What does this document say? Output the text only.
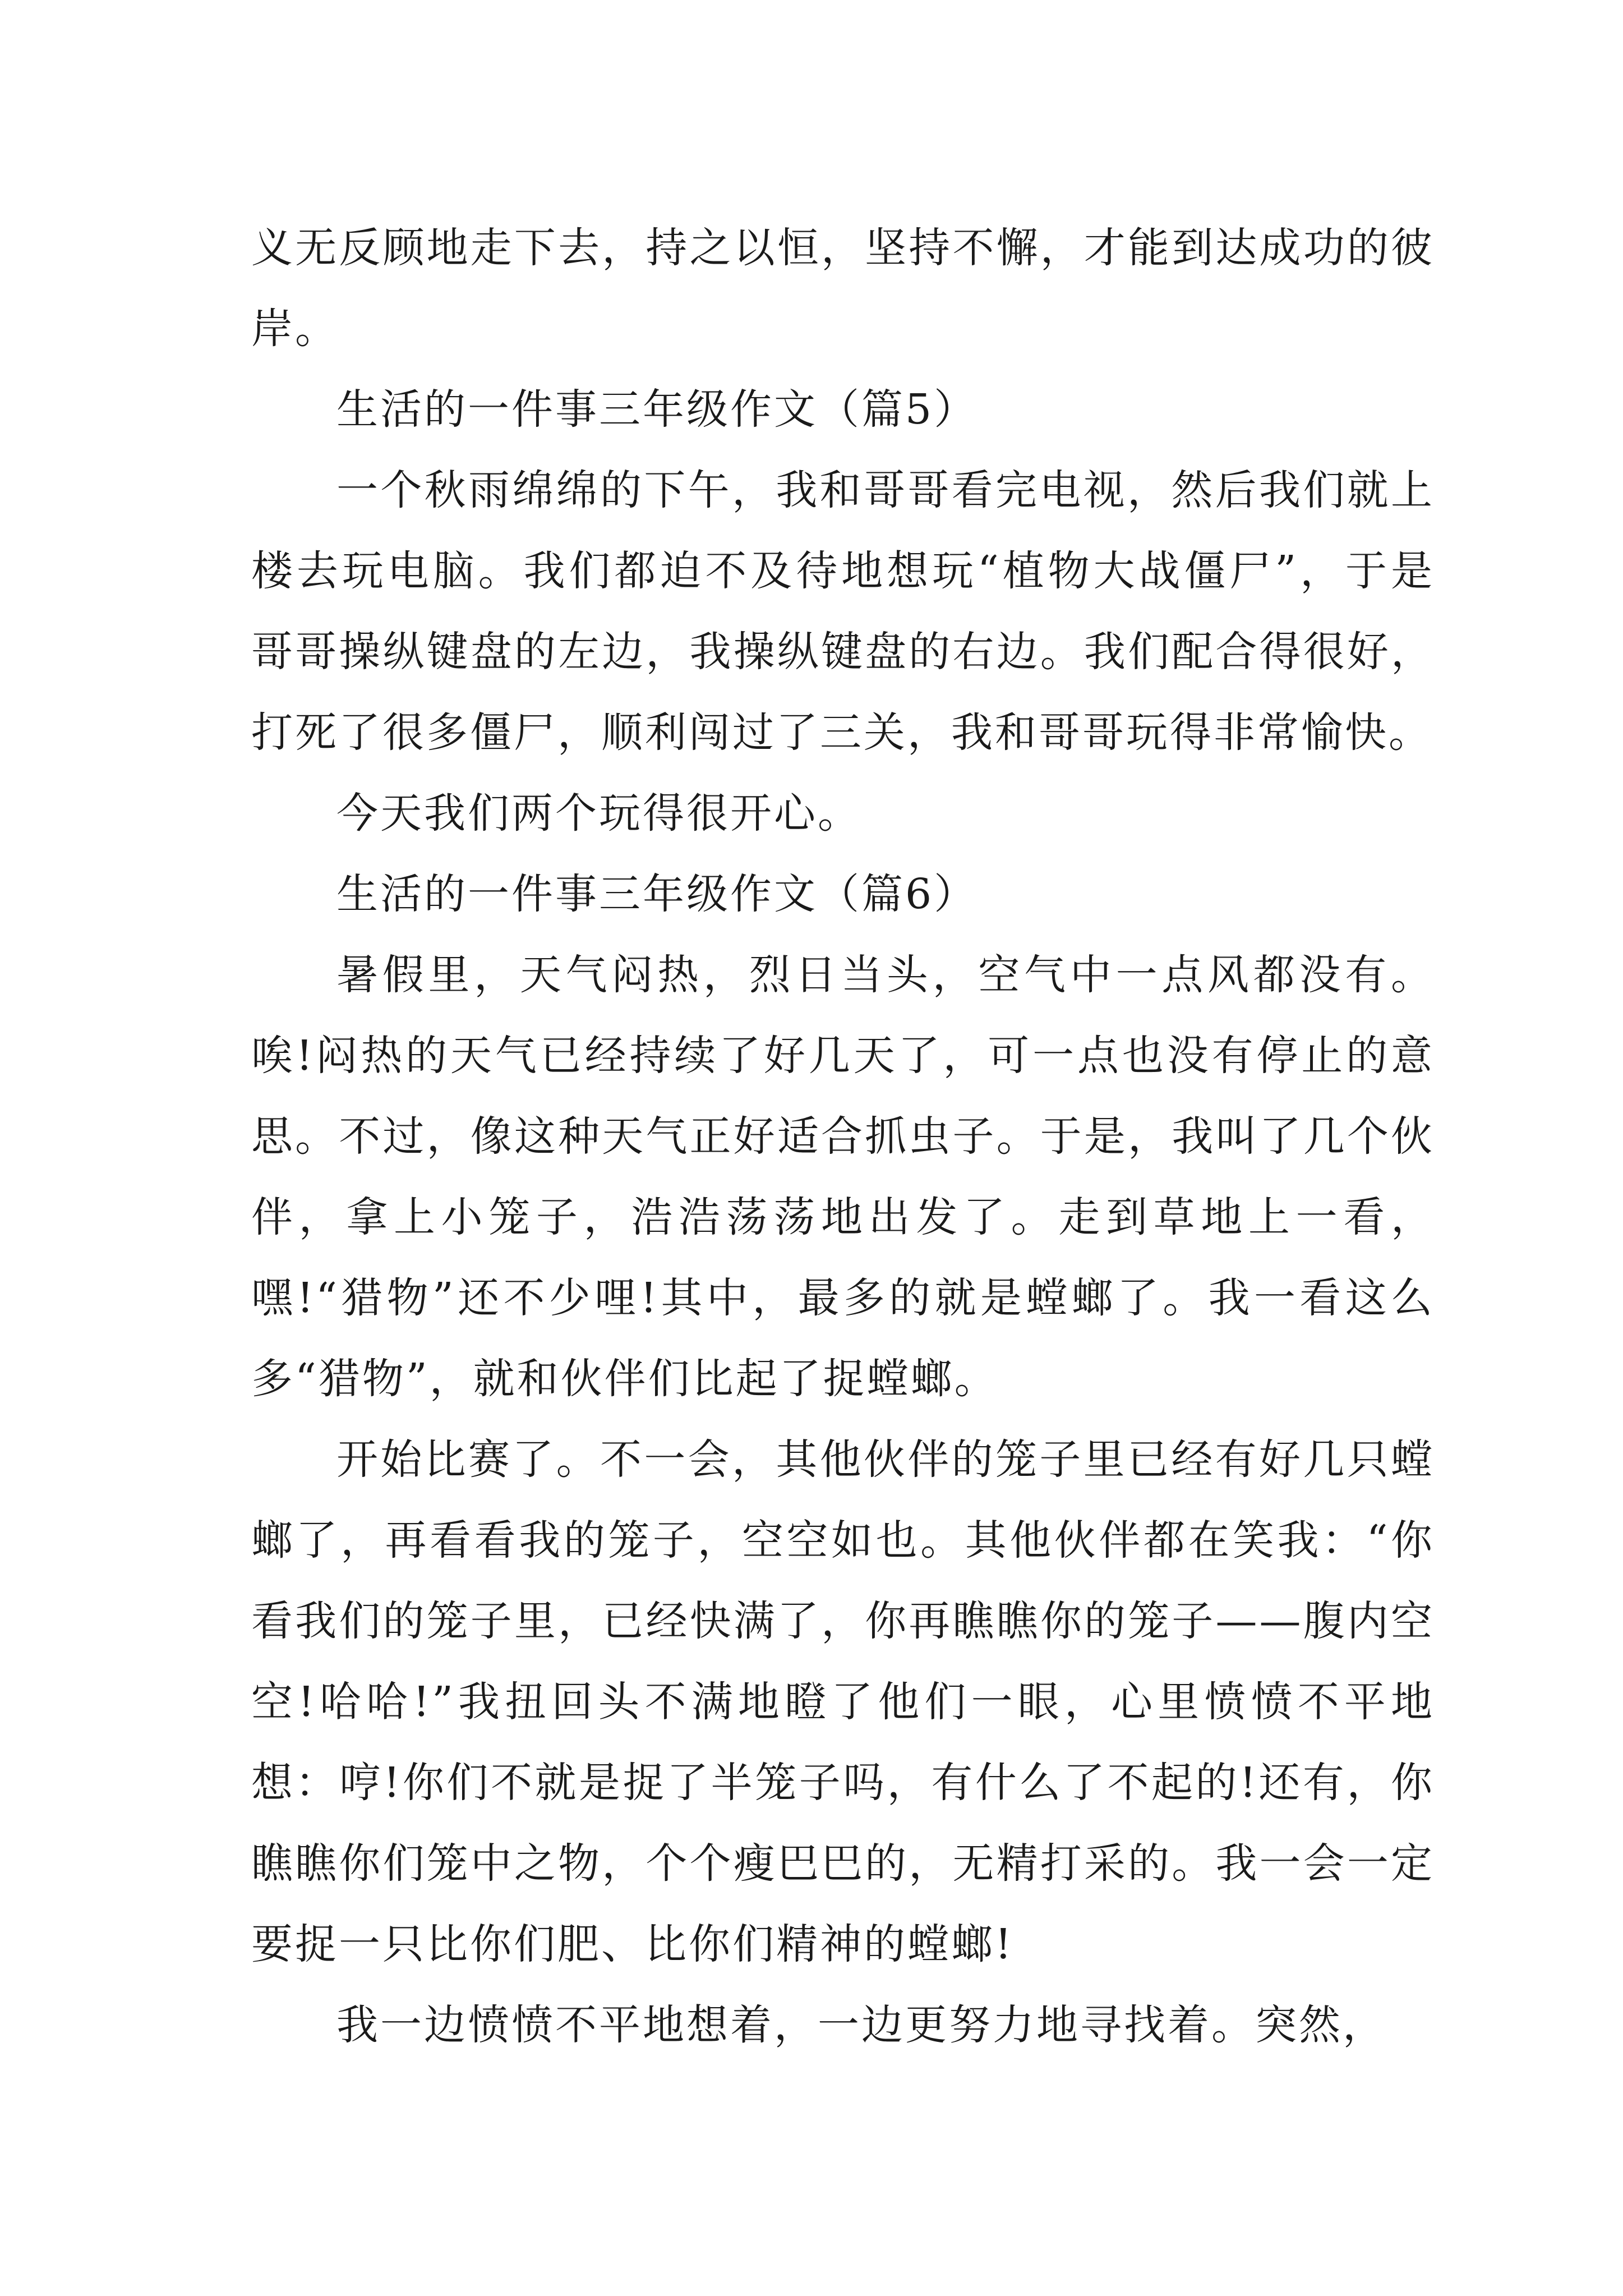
义无反顾地走下去，持之以恒，坚持不懈，才能到达成功的彼岸。

生活的一件事三年级作文（篇5）

一个秋雨绵绵的下午，我和哥哥看完电视，然后我们就上楼去玩电脑。我们都迫不及待地想玩“植物大战僵尸”，于是哥哥操纵键盘的左边，我操纵键盘的右边。我们配合得很好，打死了很多僵尸，顺利闯过了三关，我和哥哥玩得非常愉快。

今天我们两个玩得很开心。

生活的一件事三年级作文（篇6）

暑假里，天气闷热，烈日当头，空气中一点风都没有。唉!闷热的天气已经持续了好几天了，可一点也没有停止的意思。不过，像这种天气正好适合抓虫子。于是，我叫了几个伙伴，拿上小笼子，浩浩荡荡地出发了。走到草地上一看，嘿!“猎物”还不少哩!其中，最多的就是螳螂了。我一看这么多“猎物”，就和伙伴们比起了捉螳螂。

开始比赛了。不一会，其他伙伴的笼子里已经有好几只螳螂了，再看看我的笼子，空空如也。其他伙伴都在笑我：“你看我们的笼子里，已经快满了，你再瞧瞧你的笼子——腹内空空!哈哈!”我扭回头不满地瞪了他们一眼，心里愤愤不平地想：哼!你们不就是捉了半笼子吗，有什么了不起的!还有，你瞧瞧你们笼中之物，个个瘦巴巴的，无精打采的。我一会一定要捉一只比你们肥、比你们精神的螳螂!

我一边愤愤不平地想着，一边更努力地寻找着。突然，
